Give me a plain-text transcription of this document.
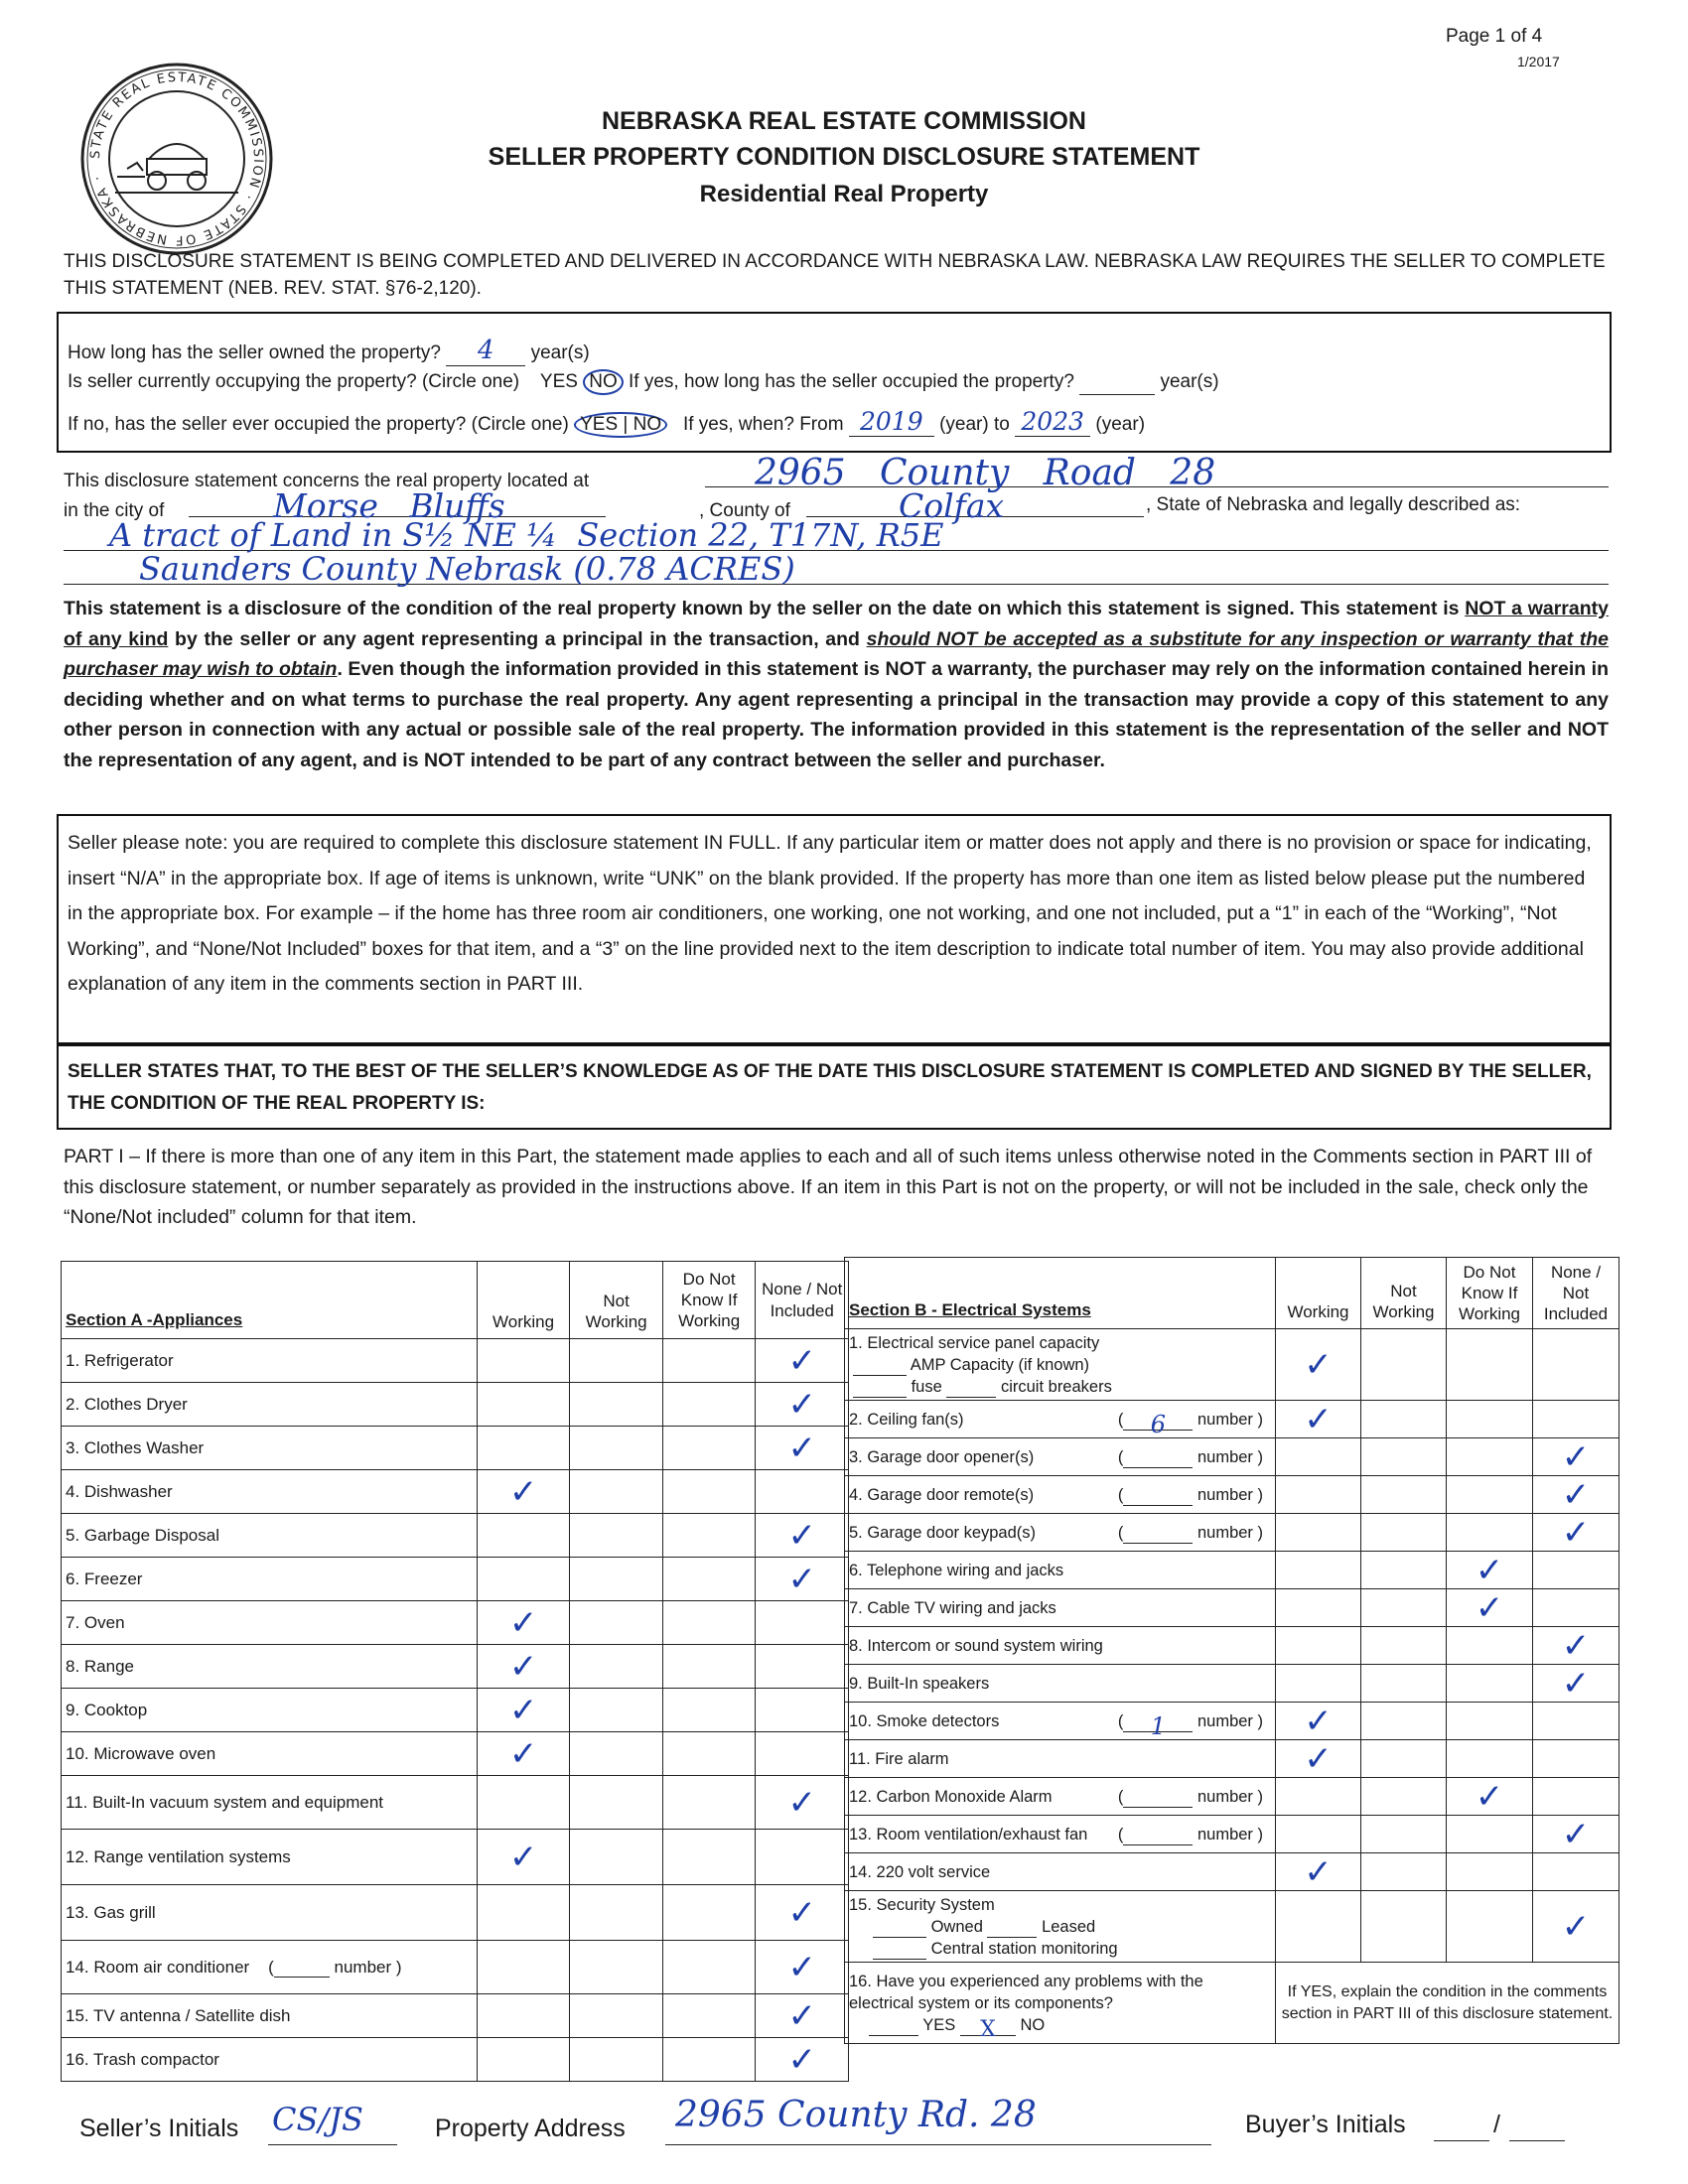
Page 1 of 4
1/2017
STATE REAL ESTATE COMMISSION · STATE OF NEBRASKA ·
NEBRASKA REAL ESTATE COMMISSION
SELLER PROPERTY CONDITION DISCLOSURE STATEMENT
Residential Real Property
THIS DISCLOSURE STATEMENT IS BEING COMPLETED AND DELIVERED IN ACCORDANCE WITH NEBRASKA LAW. NEBRASKA LAW REQUIRES THE SELLER TO COMPLETE THIS STATEMENT (NEB. REV. STAT. §76-2,120).
How long has the seller owned the property? 4 year(s)
Is seller currently occupying the property? (Circle one) YES NO If yes, how long has the seller occupied the property?	year(s)
If no, has the seller ever occupied the property? (Circle one) YES | NO If yes, when? From 2019 (year) to 2023 (year)
This disclosure statement concerns the real property located at	2965   County   Road   28
in the city of	Morse   Bluffs	, County of	Colfax	, State of Nebraska and legally described as:
A tract of Land in S½ NE ¼  Section 22, T17N, R5E
Saunders County Nebrask (0.78 ACRES)
This statement is a disclosure of the condition of the real property known by the seller on the date on which this statement is signed. This statement is NOT a warranty of any kind by the seller or any agent representing a principal in the transaction, and should NOT be accepted as a substitute for any inspection or warranty that the purchaser may wish to obtain. Even though the information provided in this statement is NOT a warranty, the purchaser may rely on the information contained herein in deciding whether and on what terms to purchase the real property. Any agent representing a principal in the transaction may provide a copy of this statement to any other person in connection with any actual or possible sale of the real property. The information provided in this statement is the representation of the seller and NOT the representation of any agent, and is NOT intended to be part of any contract between the seller and purchaser.
Seller please note: you are required to complete this disclosure statement IN FULL. If any particular item or matter does not apply and there is no provision or space for indicating, insert “N/A” in the appropriate box. If age of items is unknown, write “UNK” on the blank provided. If the property has more than one item as listed below please put the numbered in the appropriate box. For example – if the home has three room air conditioners, one working, one not working, and one not included, put a “1” in each of the “Working”, “Not Working”, and “None/Not Included” boxes for that item, and a “3” on the line provided next to the item description to indicate total number of item. You may also provide additional explanation of any item in the comments section in PART III.
SELLER STATES THAT, TO THE BEST OF THE SELLER’S KNOWLEDGE AS OF THE DATE THIS DISCLOSURE STATEMENT IS COMPLETED AND SIGNED BY THE SELLER, THE CONDITION OF THE REAL PROPERTY IS:
PART I – If there is more than one of any item in this Part, the statement made applies to each and all of such items unless otherwise noted in the Comments section in PART III of this disclosure statement, or number separately as provided in the instructions above. If an item in this Part is not on the property, or will not be included in the sale, check only the “None/Not included” column for that item.
Section A -Appliances	Working	Not Working	Do Not Know If Working	None / Not Included
1. Refrigerator				✓
2. Clothes Dryer				✓
3. Clothes Washer				✓
4. Dishwasher	✓			
5. Garbage Disposal				✓
6. Freezer				✓
7. Oven	✓			
8. Range	✓			
9. Cooktop	✓			
10. Microwave oven	✓			
11. Built-In vacuum system and equipment				✓
12. Range ventilation systems	✓			
13. Gas grill				✓
14. Room air conditioner    ( number )				✓
15. TV antenna / Satellite dish				✓
16. Trash compactor				✓
Section B - Electrical Systems	Working	Not Working	Do Not Know If Working	None / Not Included
1. Electrical service panel capacity
AMP Capacity (if known)
fuse circuit breakers	✓			
2. Ceiling fan(s) ( 6 number )	✓			
3. Garage door opener(s) ( number )				✓
4. Garage door remote(s) ( number )				✓
5. Garage door keypad(s) ( number )				✓
6. Telephone wiring and jacks			✓	
7. Cable TV wiring and jacks			✓	
8. Intercom or sound system wiring				✓
9. Built-In speakers				✓
10. Smoke detectors ( 1 number )	✓			
11. Fire alarm	✓			
12. Carbon Monoxide Alarm ( number )			✓	
13. Room ventilation/exhaust fan ( number )				✓
14. 220 volt service	✓			
15. Security System
Owned Leased
Central station monitoring				✓
16. Have you experienced any problems with the electrical system or its components?
YES X NO	If YES, explain the condition in the comments section in PART III of this disclosure statement.			
Seller’s Initials CS/JS	Property Address 2965 County Rd. 28	Buyer’s Initials	/
